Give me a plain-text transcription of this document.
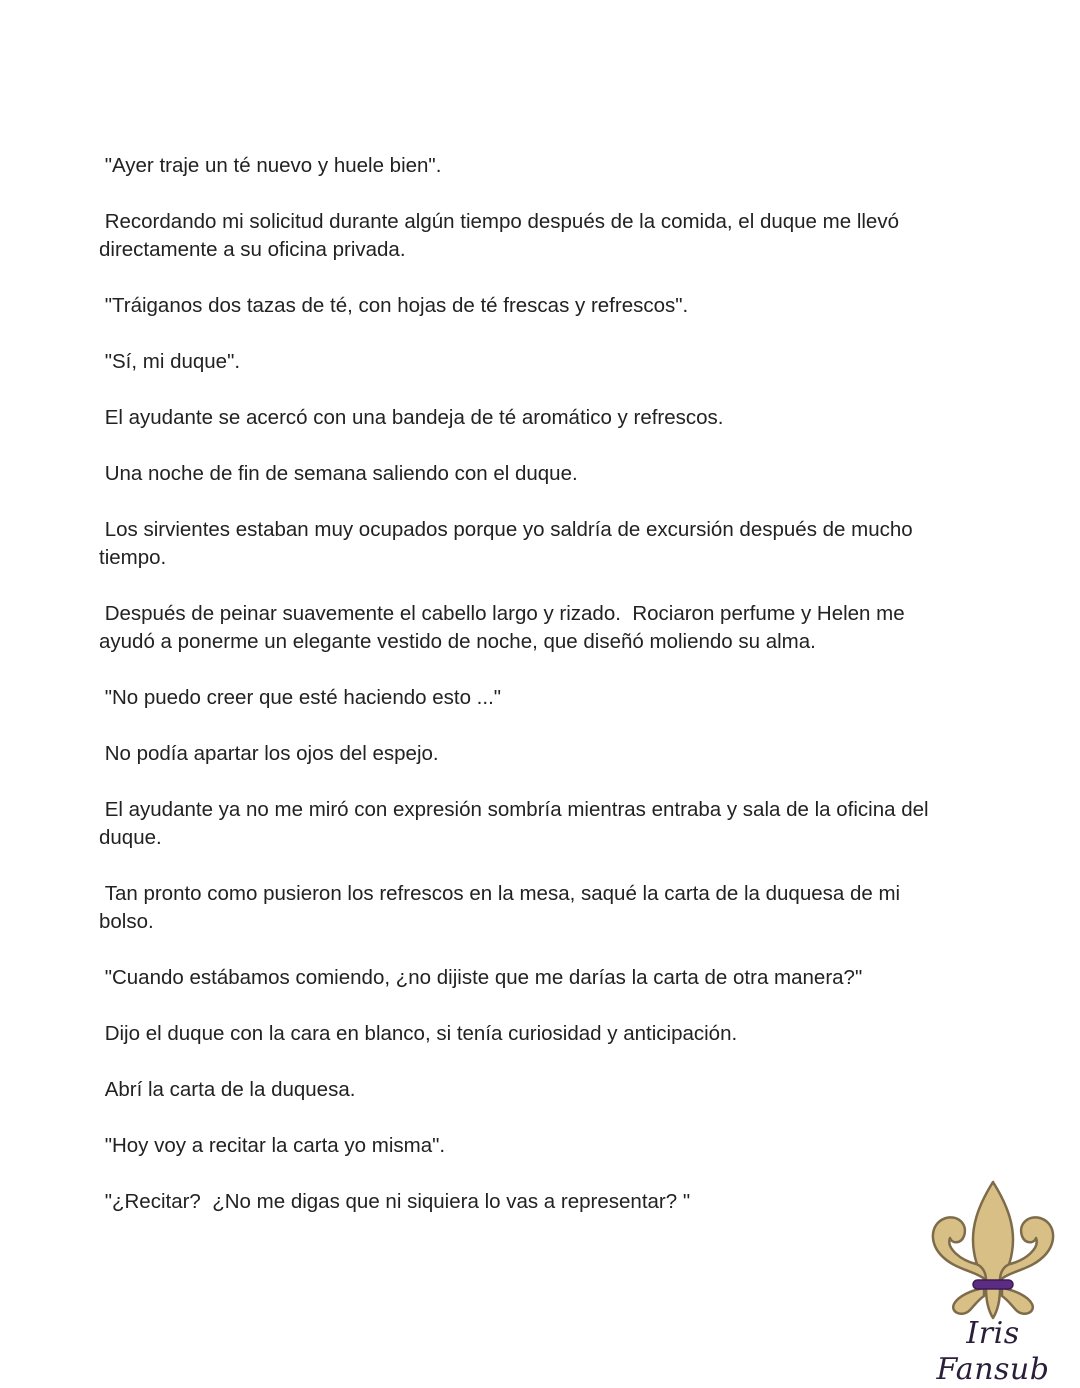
"Ayer traje un té nuevo y huele bien".

Recordando mi solicitud durante algún tiempo después de la comida, el duque me llevó directamente a su oficina privada.

"Tráiganos dos tazas de té, con hojas de té frescas y refrescos".

"Sí, mi duque".

El ayudante se acercó con una bandeja de té aromático y refrescos.

Una noche de fin de semana saliendo con el duque.

Los sirvientes estaban muy ocupados porque yo saldría de excursión después de mucho tiempo.

Después de peinar suavemente el cabello largo y rizado.  Rociaron perfume y Helen me ayudó a ponerme un elegante vestido de noche, que diseñó moliendo su alma.

"No puedo creer que esté haciendo esto ..."

No podía apartar los ojos del espejo.

El ayudante ya no me miró con expresión sombría mientras entraba y sala de la oficina del duque.

Tan pronto como pusieron los refrescos en la mesa, saqué la carta de la duquesa de mi bolso.

"Cuando estábamos comiendo, ¿no dijiste que me darías la carta de otra manera?"

Dijo el duque con la cara en blanco, si tenía curiosidad y anticipación.

Abrí la carta de la duquesa.

"Hoy voy a recitar la carta yo misma".

"¿Recitar?  ¿No me digas que ni siquiera lo vas a representar? "

Iris Fansub
